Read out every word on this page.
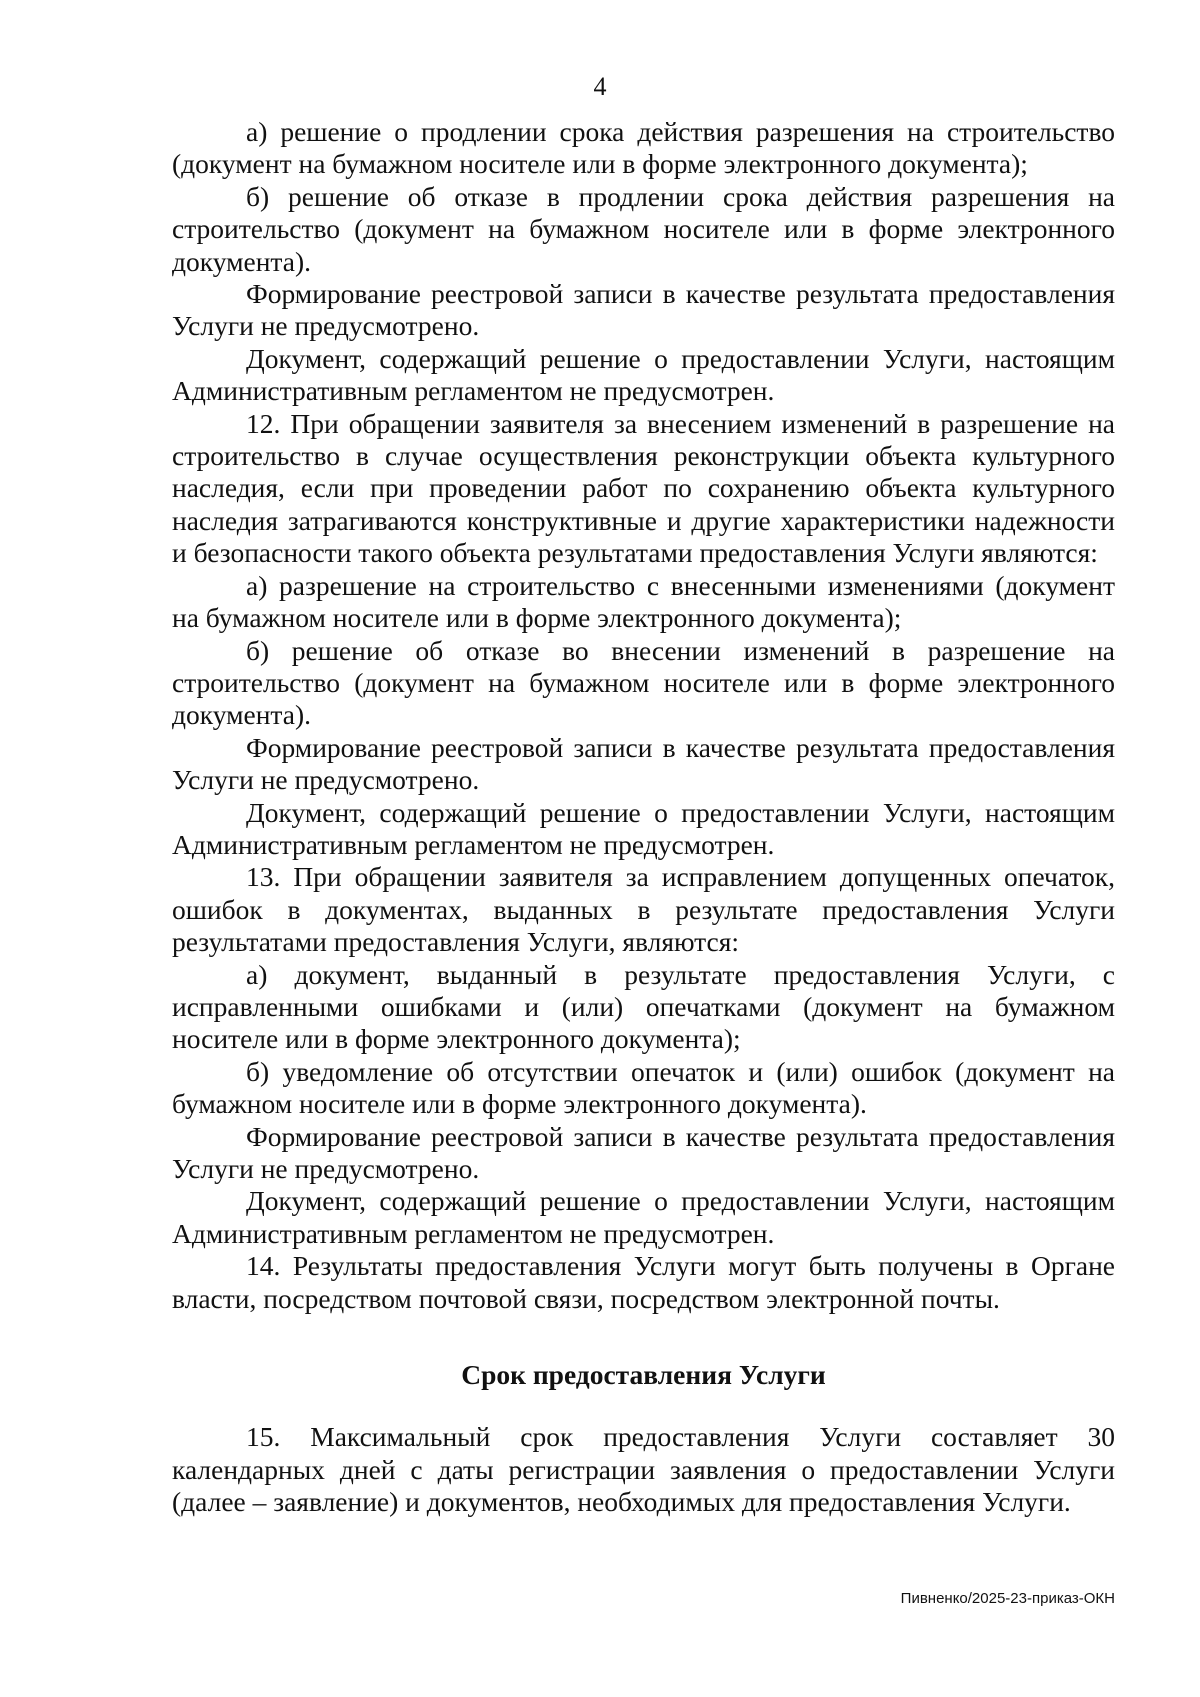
4

а) решение о продлении срока действия разрешения на строительство (документ на бумажном носителе или в форме электронного документа);

б) решение об отказе в продлении срока действия разрешения на строительство (документ на бумажном носителе или в форме электронного документа).

Формирование реестровой записи в качестве результата предоставления Услуги не предусмотрено.

Документ, содержащий решение о предоставлении Услуги, настоящим Административным регламентом не предусмотрен.

12. При обращении заявителя за внесением изменений в разрешение на строительство в случае осуществления реконструкции объекта культурного наследия, если при проведении работ по сохранению объекта культурного наследия затрагиваются конструктивные и другие характеристики надежности и безопасности такого объекта результатами предоставления Услуги являются:

а) разрешение на строительство с внесенными изменениями (документ на бумажном носителе или в форме электронного документа);

б) решение об отказе во внесении изменений в разрешение на строительство (документ на бумажном носителе или в форме электронного документа).

Формирование реестровой записи в качестве результата предоставления Услуги не предусмотрено.

Документ, содержащий решение о предоставлении Услуги, настоящим Административным регламентом не предусмотрен.

13. При обращении заявителя за исправлением допущенных опечаток, ошибок в документах, выданных в результате предоставления Услуги результатами предоставления Услуги, являются:

а) документ, выданный в результате предоставления Услуги, с исправленными ошибками и (или) опечатками (документ на бумажном носителе или в форме электронного документа);

б) уведомление об отсутствии опечаток и (или) ошибок (документ на бумажном носителе или в форме электронного документа).

Формирование реестровой записи в качестве результата предоставления Услуги не предусмотрено.

Документ, содержащий решение о предоставлении Услуги, настоящим Административным регламентом не предусмотрен.

14. Результаты предоставления Услуги могут быть получены в Органе власти, посредством почтовой связи, посредством электронной почты.

Срок предоставления Услуги

15. Максимальный срок предоставления Услуги составляет 30 календарных дней с даты регистрации заявления о предоставлении Услуги (далее – заявление) и документов, необходимых для предоставления Услуги.

Пивненко/2025-23-приказ-ОКН
